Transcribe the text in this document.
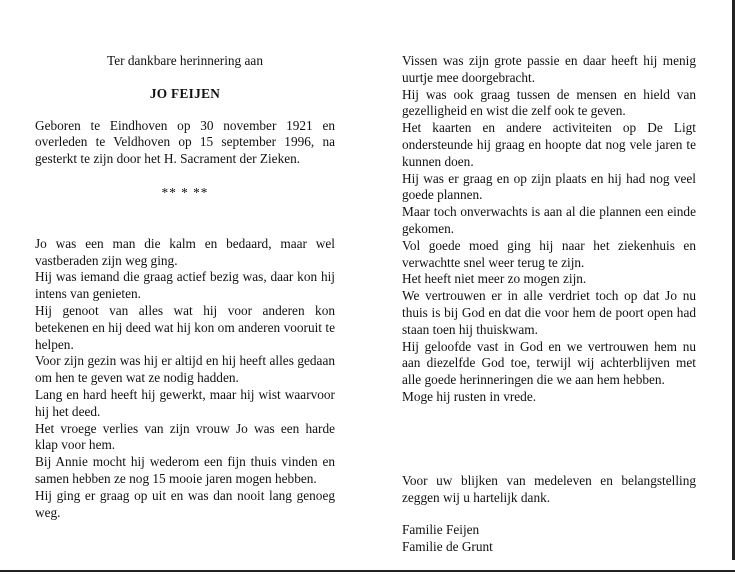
Ter dankbare herinnering aan

JO FEIJEN

Geboren te Eindhoven op 30 november 1921 en overleden te Veldhoven op 15 september 1996, na gesterkt te zijn door het H. Sacrament der Zieken.

** * **

Jo was een man die kalm en bedaard, maar wel vastberaden zijn weg ging.

Hij was iemand die graag actief bezig was, daar kon hij intens van genieten.

Hij genoot van alles wat hij voor anderen kon betekenen en hij deed wat hij kon om anderen vooruit te helpen.

Voor zijn gezin was hij er altijd en hij heeft alles gedaan om hen te geven wat ze nodig hadden.

Lang en hard heeft hij gewerkt, maar hij wist waarvoor hij het deed.

Het vroege verlies van zijn vrouw Jo was een harde klap voor hem.

Bij Annie mocht hij wederom een fijn thuis vinden en samen hebben ze nog 15 mooie jaren mogen hebben.

Hij ging er graag op uit en was dan nooit lang genoeg weg.

Vissen was zijn grote passie en daar heeft hij menig uurtje mee doorgebracht.

Hij was ook graag tussen de mensen en hield van gezelligheid en wist die zelf ook te geven.

Het kaarten en andere activiteiten op De Ligt ondersteunde hij graag en hoopte dat nog vele jaren te kunnen doen.

Hij was er graag en op zijn plaats en hij had nog veel goede plannen.

Maar toch onverwachts is aan al die plannen een einde gekomen.

Vol goede moed ging hij naar het ziekenhuis en verwachtte snel weer terug te zijn.

Het heeft niet meer zo mogen zijn.

We vertrouwen er in alle verdriet toch op dat Jo nu thuis is bij God en dat die voor hem de poort open had staan toen hij thuiskwam.

Hij geloofde vast in God en we vertrouwen hem nu aan diezelfde God toe, terwijl wij achterblijven met alle goede herinneringen die we aan hem hebben.

Moge hij rusten in vrede.

Voor uw blijken van medeleven en belangstelling zeggen wij u hartelijk dank.

Familie Feijen

Familie de Grunt
